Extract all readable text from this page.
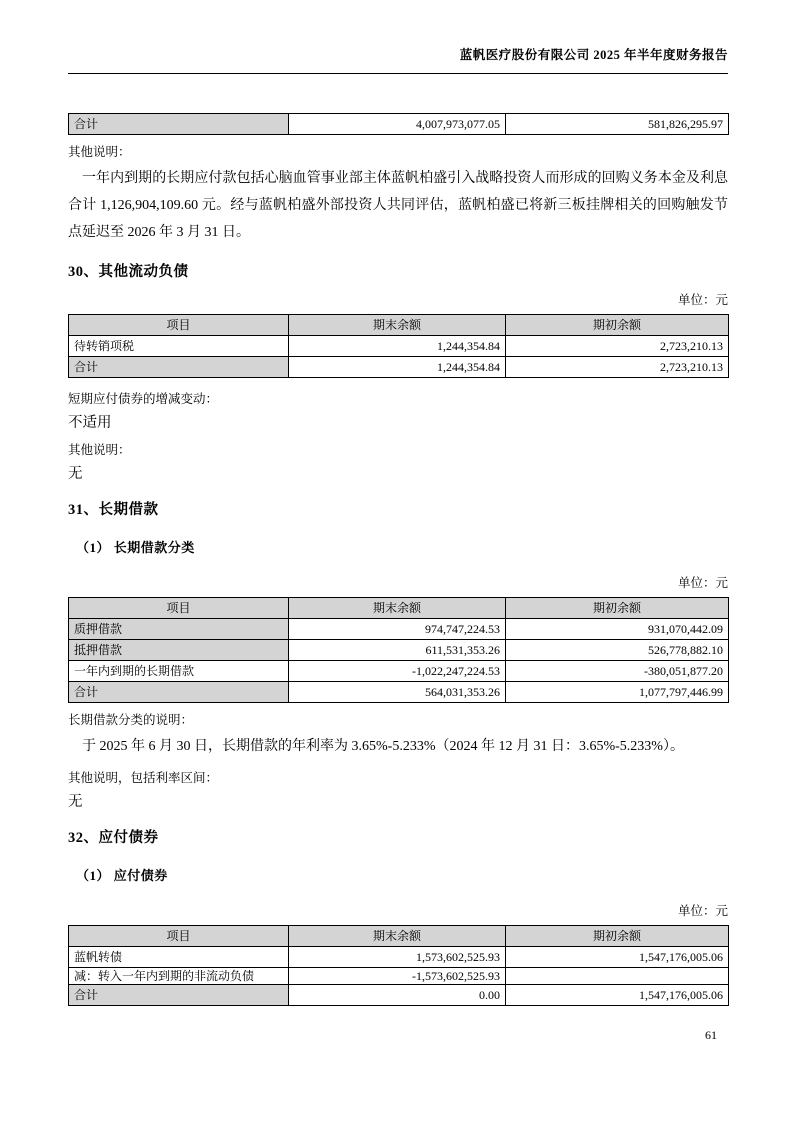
蓝帆医疗股份有限公司 2025 年半年度财务报告
合计	4,007,973,077.05	581,826,295.97
其他说明：
一年内到期的长期应付款包括心脑血管事业部主体蓝帆柏盛引入战略投资人而形成的回购义务本金及利息合计 1,126,904,109.60 元。经与蓝帆柏盛外部投资人共同评估，蓝帆柏盛已将新三板挂牌相关的回购触发节点延迟至 2026 年 3 月 31 日。
30、其他流动负债
单位：元
项目	期末余额	期初余额
待转销项税	1,244,354.84	2,723,210.13
合计	1,244,354.84	2,723,210.13
短期应付债券的增减变动：
不适用
其他说明：
无
31、长期借款
（1） 长期借款分类
单位：元
项目	期末余额	期初余额
质押借款	974,747,224.53	931,070,442.09
抵押借款	611,531,353.26	526,778,882.10
一年内到期的长期借款	-1,022,247,224.53	-380,051,877.20
合计	564,031,353.26	1,077,797,446.99
长期借款分类的说明：
于 2025 年 6 月 30 日，长期借款的年利率为 3.65%-5.233%（2024 年 12 月 31 日：3.65%-5.233%）。
其他说明，包括利率区间：
无
32、应付债券
（1） 应付债券
单位：元
项目	期末余额	期初余额
蓝帆转债	1,573,602,525.93	1,547,176,005.06
减：转入一年内到期的非流动负债	-1,573,602,525.93	
合计	0.00	1,547,176,005.06
61
